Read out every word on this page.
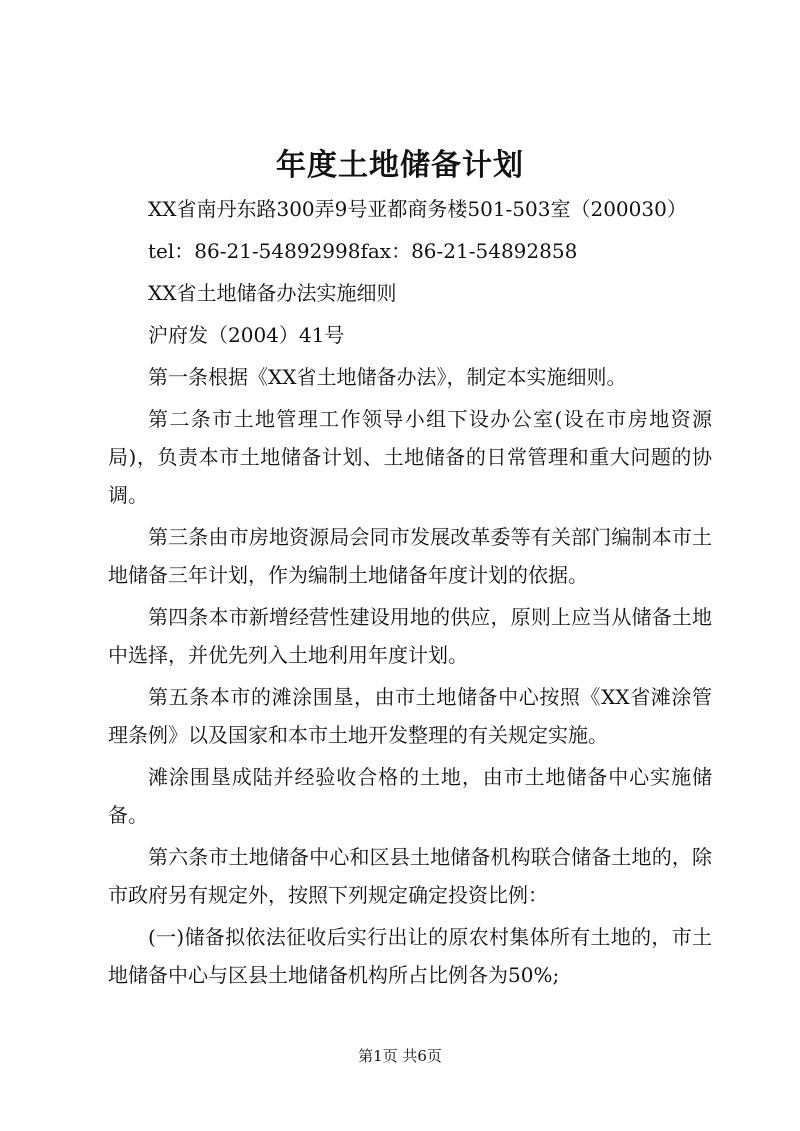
年度土地储备计划

XX省南丹东路300弄9号亚都商务楼501-503室（200030）

tel：86-21-54892998fax：86-21-54892858

XX省土地储备办法实施细则

沪府发（2004）41号

第一条根据《XX省土地储备办法》，制定本实施细则。

第二条市土地管理工作领导小组下设办公室(设在市房地资源局)，负责本市土地储备计划、土地储备的日常管理和重大问题的协调。

第三条由市房地资源局会同市发展改革委等有关部门编制本市土地储备三年计划，作为编制土地储备年度计划的依据。

第四条本市新增经营性建设用地的供应，原则上应当从储备土地中选择，并优先列入土地利用年度计划。

第五条本市的滩涂围垦，由市土地储备中心按照《XX省滩涂管理条例》以及国家和本市土地开发整理的有关规定实施。

滩涂围垦成陆并经验收合格的土地，由市土地储备中心实施储备。

第六条市土地储备中心和区县土地储备机构联合储备土地的，除市政府另有规定外，按照下列规定确定投资比例：

(一)储备拟依法征收后实行出让的原农村集体所有土地的，市土地储备中心与区县土地储备机构所占比例各为50%;

第1页 共6页
